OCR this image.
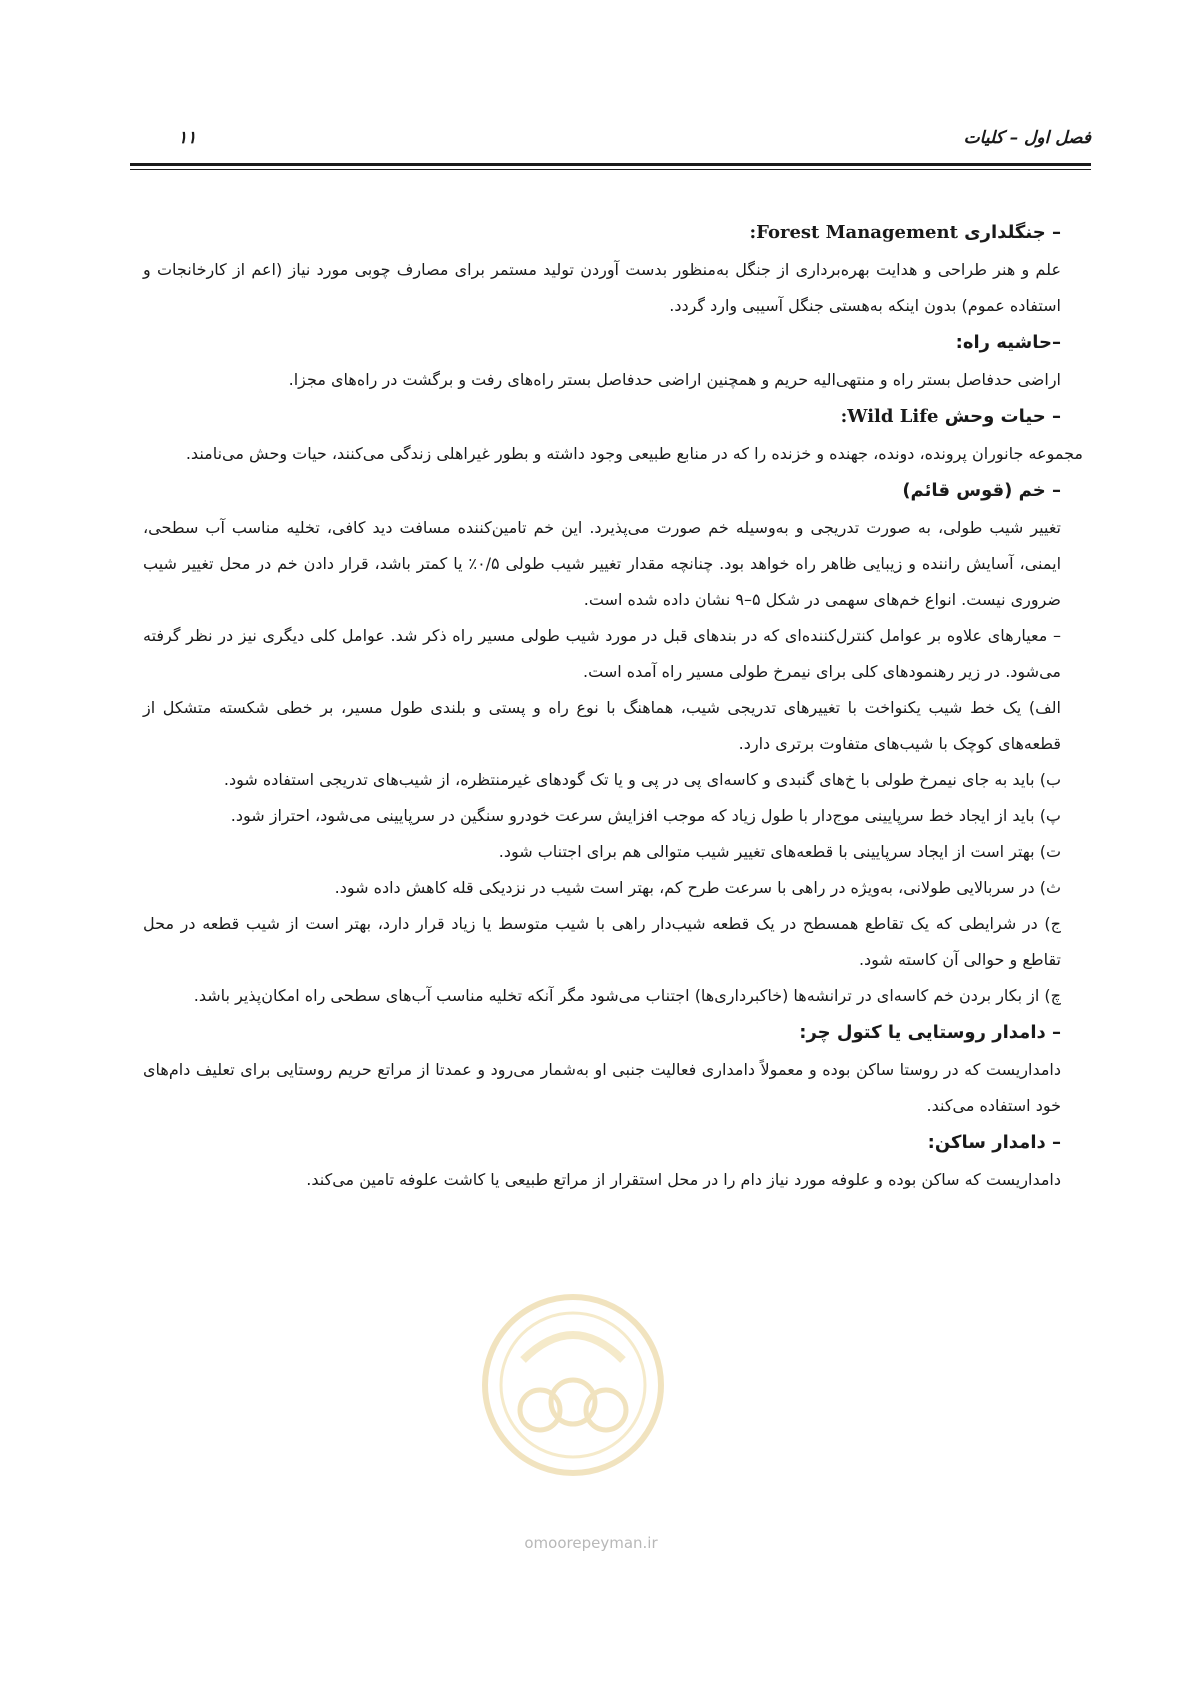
فصل اول – کلیات
۱۱

– جنگلداری Forest Management:

علم و هنر طراحی و هدایت بهره‌برداری از جنگل به‌منظور بدست آوردن تولید مستمر برای مصارف چوبی مورد نیاز (اعم از کارخانجات و استفاده عموم) بدون اینکه به‌هستی جنگل آسیبی وارد گردد.

–حاشیه راه:

اراضی حدفاصل بستر راه و منتهی‌الیه حریم و همچنین اراضی حدفاصل بستر راه‌های رفت و برگشت در راه‌های مجزا.

– حیات وحش Wild Life:

مجموعه جانوران پرونده، دونده، جهنده و خزنده را که در منابع طبیعی وجود داشته و بطور غیراهلی زندگی می‌کنند، حیات وحش می‌نامند.

– خم (قوس قائم)

تغییر شیب طولی، به صورت تدریجی و به‌وسیله خم صورت می‌پذیرد. این خم تامین‌کننده مسافت دید کافی، تخلیه مناسب آب سطحی، ایمنی، آسایش راننده و زیبایی ظاهر راه خواهد بود. چنانچه مقدار تغییر شیب طولی ۰/۵٪ یا کمتر باشد، قرار دادن خم در محل تغییر شیب ضروری نیست. انواع خم‌های سهمی در شکل ۵–۹ نشان داده شده است.

– معیارهای علاوه بر عوامل کنترل‌کننده‌ای که در بندهای قبل در مورد شیب طولی مسیر راه ذکر شد. عوامل کلی دیگری نیز در نظر گرفته می‌شود. در زیر رهنمودهای کلی برای نیمرخ طولی مسیر راه آمده است.

الف) یک خط شیب یکنواخت با تغییرهای تدریجی شیب، هماهنگ با نوع راه و پستی و بلندی طول مسیر، بر خطی شکسته متشکل از قطعه‌های کوچک با شیب‌های متفاوت برتری دارد.

ب) باید به جای نیمرخ طولی با خ‌های گنبدی و کاسه‌ای پی در پی و یا تک گودهای غیرمنتظره، از شیب‌های تدریجی استفاده شود.

پ) باید از ایجاد خط سرپایینی موج‌دار با طول زیاد که موجب افزایش سرعت خودرو سنگین در سرپایینی می‌شود، احتراز شود.

ت) بهتر است از ایجاد سرپایینی با قطعه‌های تغییر شیب متوالی هم برای اجتناب شود.

ث) در سربالایی طولانی، به‌ویژه در راهی با سرعت طرح کم، بهتر است شیب در نزدیکی قله کاهش داده شود.

ج) در شرایطی که یک تقاطع همسطح در یک قطعه شیب‌دار راهی با شیب متوسط یا زیاد قرار دارد، بهتر است از شیب قطعه در محل تقاطع و حوالی آن کاسته شود.

چ) از بکار بردن خم کاسه‌ای در ترانشه‌ها (خاکبرداری‌ها) اجتناب می‌شود مگر آنکه تخلیه مناسب آب‌های سطحی راه امکان‌پذیر باشد.

– دامدار روستایی یا کتول چر:

دامداریست که در روستا ساکن بوده و معمولاً دامداری فعالیت جنبی او به‌شمار می‌رود و عمدتا از مراتع حریم روستایی برای تعلیف دام‌های خود استفاده می‌کند.

– دامدار ساکن:

دامداریست که ساکن بوده و علوفه مورد نیاز دام را در محل استقرار از مراتع طبیعی یا کاشت علوفه تامین می‌کند.

omoorepeyman.ir
